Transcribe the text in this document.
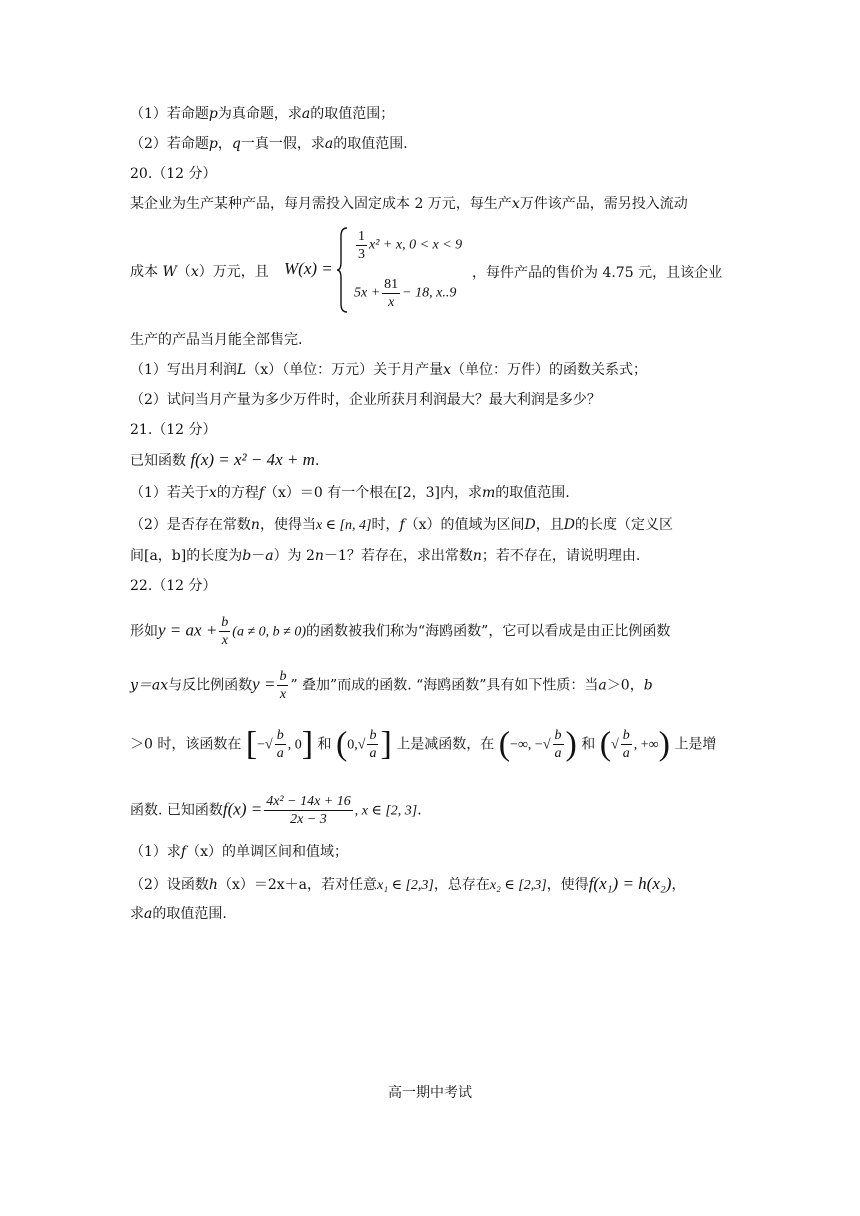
（1）若命题p为真命题，求a的取值范围；
（2）若命题p，q一真一假，求a的取值范围.
20.（12 分）
某企业为生产某种产品，每月需投入固定成本 2 万元，每生产x万件该产品，需另投入流动
成本 W（x）万元，且 W(x) =
$\frac{1}{3} x^2 + x$, 0 < x < 9
$5x + \frac{81}{x} - 18$, x..9
，每件产品的售价为 4.75 元，且该企业
生产的产品当月能全部售完.
（1）写出月利润L（x）（单位：万元）关于月产量x（单位：万件）的函数关系式；
（2）试问当月产量为多少万件时，企业所获月利润最大？最大利润是多少？
21.（12 分）
已知函数 f(x) = x² − 4x + m.
（1）若关于x的方程f（x）＝0 有一个根在[2，3]内，求m的取值范围.
（2）是否存在常数n，使得当x ∈ [n, 4]时，f（x）的值域为区间D，且D的长度（定义区
间[a，b]的长度为b－a）为 2n－1？若存在，求出常数n；若不存在，请说明理由.
22.（12 分）
形如y = ax + $\frac{b}{x} (a \ne 0$, b ≠ 0)的函数被我们称为“海鸥函数”，它可以看成是由正比例函数
y＝ax与反比例函数$y = \frac{b}{x}$ ” 叠加”而成的函数. “海鸥函数”具有如下性质：当a＞0，b
＞0 时，该函数在 [−√ $\frac{b}{a}$ , 0] 和 ($0,√ \frac{b}{a}$ ] 上是减函数，在 (−∞, −√ $\frac{b}{a}$ ) 和 (√ $\frac{b}{a}$ , +∞) 上是增
函数. 已知函数$f(x) = \frac{\text{4x² − 14x + 16}}{2x - 3}$ , x ∈ [2, 3].
（1）求f（x）的单调区间和值域；
（2）设函数h（x）＝2x＋a，若对任意x₁ ∈ [2,3]，总存在x₂ ∈ [2,3]，使得f(x₁) = h(x₂)，
求a的取值范围.
高一期中考试
